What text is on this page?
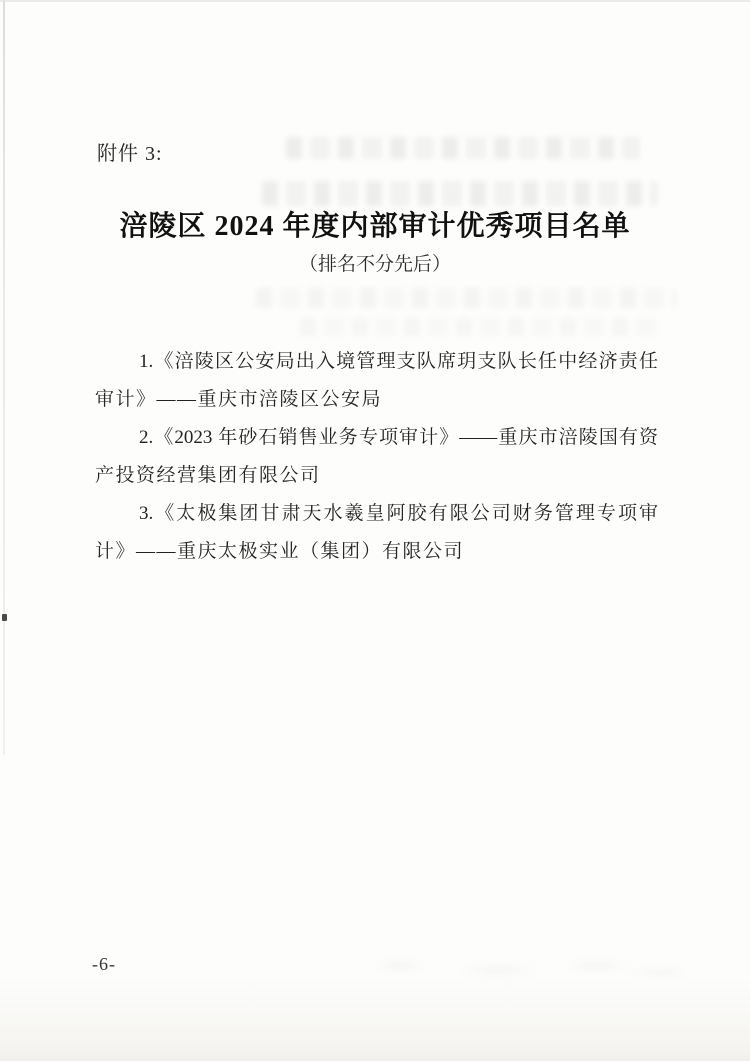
附件 3:
涪陵区 2024 年度内部审计优秀项目名单
（排名不分先后）

1.《涪陵区公安局出入境管理支队席玥支队长任中经济责任
审计》——重庆市涪陵区公安局

2.《2023 年砂石销售业务专项审计》——重庆市涪陵国有资
产投资经营集团有限公司

3.《太极集团甘肃天水羲皇阿胶有限公司财务管理专项审
计》——重庆太极实业（集团）有限公司

-6-
